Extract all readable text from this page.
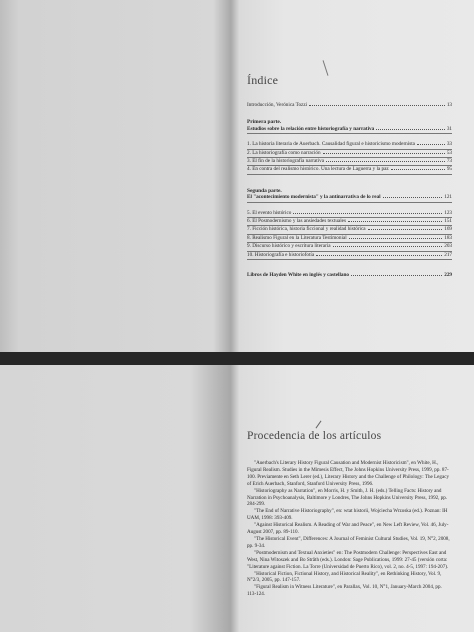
Índice
Introducción, Verónica Tozzi	13
Primera parte.
Estudios sobre la relación entre historiografía y narrativa	31
1. La historia literaria de Auerbach. Causalidad figural e historicismo modernista	33
2. La historiografía como narración	53
3. El fin de la historiografía narrativa	73
4. En contra del realismo histórico. Una lectura de Laguerra y la paz	95
Segunda parte.
El "acontecimiento modernista" y la antinarrativa de lo real	121
5. El evento histórico	123
6. El Posmodernismo y las ansiedades textuales	151
7. Ficción histórica, historia ficcional y realidad histórica	169
8. Realismo Figural en la Literatura Testimonial	183
9. Discurso histórico y escritura literaria	203
10. Historiografía e historiofotía	217
Libros de Hayden White en inglés y castellano	229
Procedencia de los artículos

"Auerbach's Literary History Figural Causation and Modernist Historicism", en White, H., Figural Realism. Studies in the Mimesis Effect, The Johns Hopkins University Press, 1999, pp. 87-100. Previamente en Seth Lerer (ed.), Literary History and the Challenge of Philology: The Legacy of Erich Auerbach, Stanford, Stanford University Press, 1996.

"Historiography as Narration", en Morris, H. y Smith, J. H. (eds.) Telling Facts: History and Narration in Psychoanalysis, Baltimore y Londres, The Johns Hopkins University Press, 1992, pp. 284-299.

"The End of Narrative Historiography", en: wtat historii, Wojciecha Wrzoska (ed.). Poznan: IH UAM, 1998: 393-409.

"Against Historical Realism. A Reading of War and Peace", en New Left Review, Vol. 46, July-August 2007, pp. 89-110.

"The Historical Event", Differences: A Journal of Feminist Cultural Studies, Vol. 19, N°2, 2008, pp. 9-34.

"Postmodernism and Textual Anxieties" en: The Postmodern Challenge: Perspectives East and West, Nina Witoszek and Bo Stråth (eds.). London: Sage Publications, 1999: 27-45 (versión corta: "Literature against Fiction. La Torre (Universidad de Puerto Rico), vol. 2, no. 4-5, 1997: 194-207).

"Historical Fiction, Fictional History, and Historical Reality", en Rethinking History, Vol. 9, N°2/3, 2005, pp. 147-157.

"Figural Realism in Witness Literature", en Parallax, Vol. 10, N°1, January-March 2004, pp. 113-124.
